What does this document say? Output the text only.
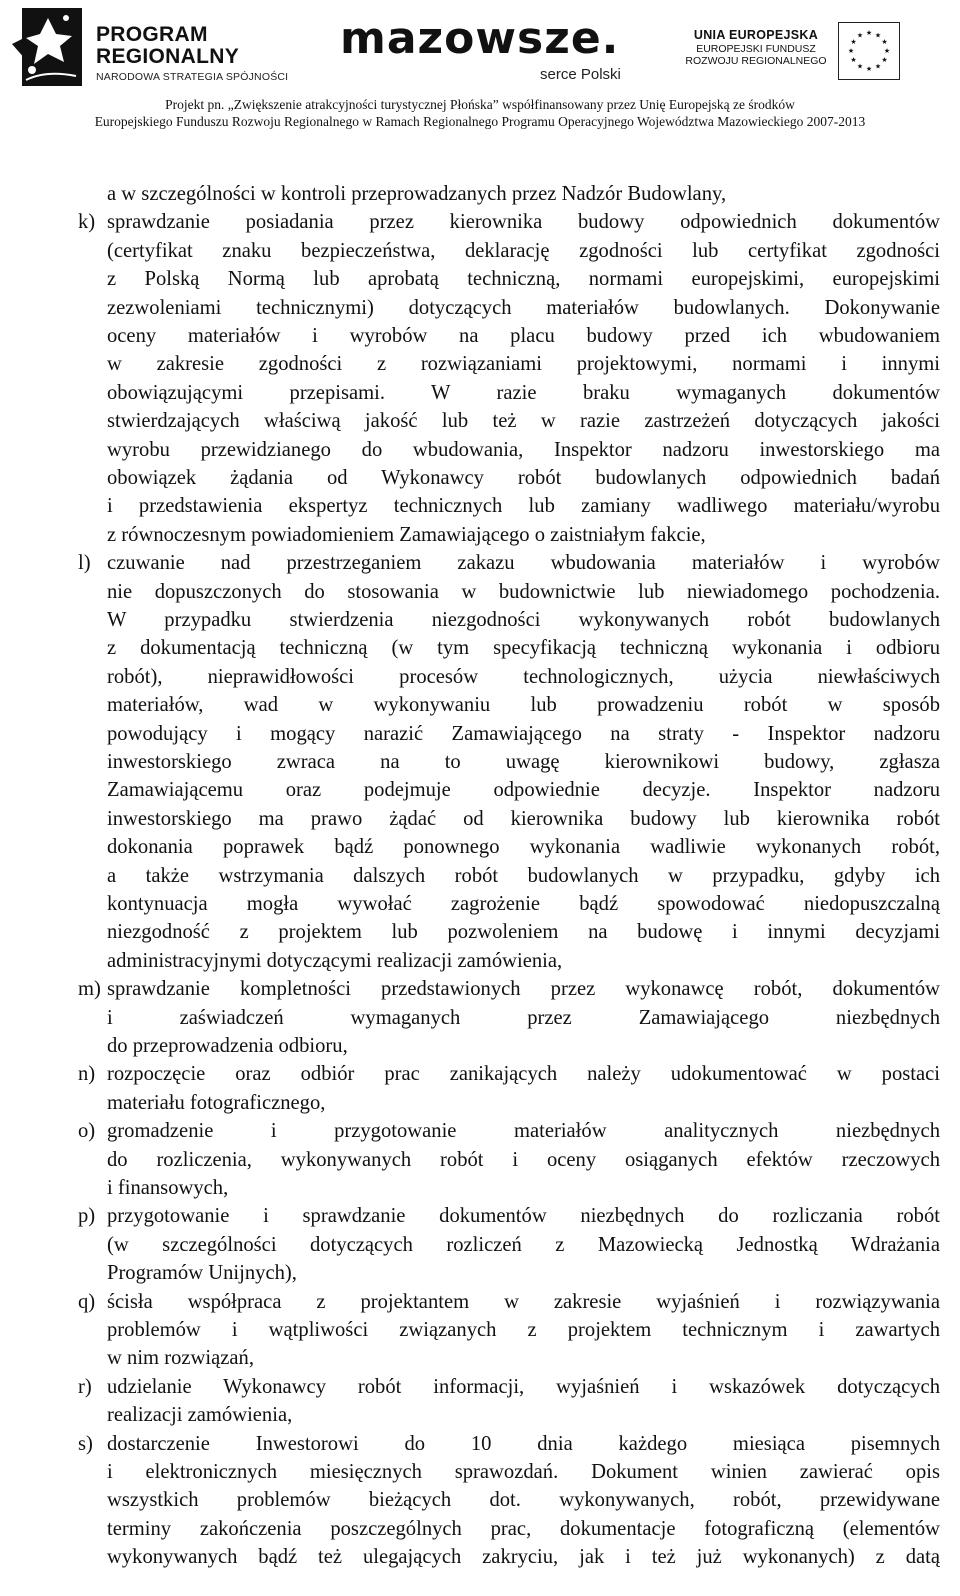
PROGRAM
REGIONALNY
NARODOWA STRATEGIA SPÓJNOŚCI
mazowsze.
serce Polski
UNIA EUROPEJSKA
EUROPEJSKI FUNDUSZ
ROZWOJU REGIONALNEGO
★ ★
★
★
★
★
★
★
★
★
★
★
Projekt pn. „Zwiększenie atrakcyjności turystycznej Płońska” współfinansowany przez Unię Europejską ze środków
Europejskiego Funduszu Rozwoju Regionalnego w Ramach Regionalnego Programu Operacyjnego Województwa Mazowieckiego 2007-2013
a w szczególności w kontroli przeprowadzanych przez Nadzór Budowlany,
k) sprawdzanie posiadania przez kierownika budowy odpowiednich dokumentów
(certyfikat znaku bezpieczeństwa, deklarację zgodności lub certyfikat zgodności
z Polską Normą lub aprobatą techniczną, normami europejskimi, europejskimi
zezwoleniami technicznymi) dotyczących materiałów budowlanych. Dokonywanie
oceny materiałów i wyrobów na placu budowy przed ich wbudowaniem
w zakresie zgodności z rozwiązaniami projektowymi, normami i innymi
obowiązującymi przepisami. W razie braku wymaganych dokumentów
stwierdzających właściwą jakość lub też w razie zastrzeżeń dotyczących jakości
wyrobu przewidzianego do wbudowania, Inspektor nadzoru inwestorskiego ma
obowiązek żądania od Wykonawcy robót budowlanych odpowiednich badań
i przedstawienia ekspertyz technicznych lub zamiany wadliwego materiału/wyrobu
z równoczesnym powiadomieniem Zamawiającego o zaistniałym fakcie,
l) czuwanie nad przestrzeganiem zakazu wbudowania materiałów i wyrobów
nie dopuszczonych do stosowania w budownictwie lub niewiadomego pochodzenia.
W przypadku stwierdzenia niezgodności wykonywanych robót budowlanych
z dokumentacją techniczną (w tym specyfikacją techniczną wykonania i odbioru
robót), nieprawidłowości procesów technologicznych, użycia niewłaściwych
materiałów, wad w wykonywaniu lub prowadzeniu robót w sposób
powodujący i mogący narazić Zamawiającego na straty - Inspektor nadzoru
inwestorskiego zwraca na to uwagę kierownikowi budowy, zgłasza
Zamawiającemu oraz podejmuje odpowiednie decyzje. Inspektor nadzoru
inwestorskiego ma prawo żądać od kierownika budowy lub kierownika robót
dokonania poprawek bądź ponownego wykonania wadliwie wykonanych robót,
a także wstrzymania dalszych robót budowlanych w przypadku, gdyby ich
kontynuacja mogła wywołać zagrożenie bądź spowodować niedopuszczalną
niezgodność z projektem lub pozwoleniem na budowę i innymi decyzjami
administracyjnymi dotyczącymi realizacji zamówienia,
m) sprawdzanie kompletności przedstawionych przez wykonawcę robót, dokumentów
i zaświadczeń wymaganych przez Zamawiającego niezbędnych
do przeprowadzenia odbioru,
n) rozpoczęcie oraz odbiór prac zanikających należy udokumentować w postaci
materiału fotograficznego,
o) gromadzenie i przygotowanie materiałów analitycznych niezbędnych
do rozliczenia, wykonywanych robót i oceny osiąganych efektów rzeczowych
i finansowych,
p) przygotowanie i sprawdzanie dokumentów niezbędnych do rozliczania robót
(w szczególności dotyczących rozliczeń z Mazowiecką Jednostką Wdrażania
Programów Unijnych),
q) ścisła współpraca z projektantem w zakresie wyjaśnień i rozwiązywania
problemów i wątpliwości związanych z projektem technicznym i zawartych
w nim rozwiązań,
r) udzielanie Wykonawcy robót informacji, wyjaśnień i wskazówek dotyczących
realizacji zamówienia,
s) dostarczenie Inwestorowi do 10 dnia każdego miesiąca pisemnych
i elektronicznych miesięcznych sprawozdań. Dokument winien zawierać opis
wszystkich problemów bieżących dot. wykonywanych, robót, przewidywane
terminy zakończenia poszczególnych prac, dokumentacje fotograficzną (elementów
wykonywanych bądź też ulegających zakryciu, jak i też już wykonanych) z datą
